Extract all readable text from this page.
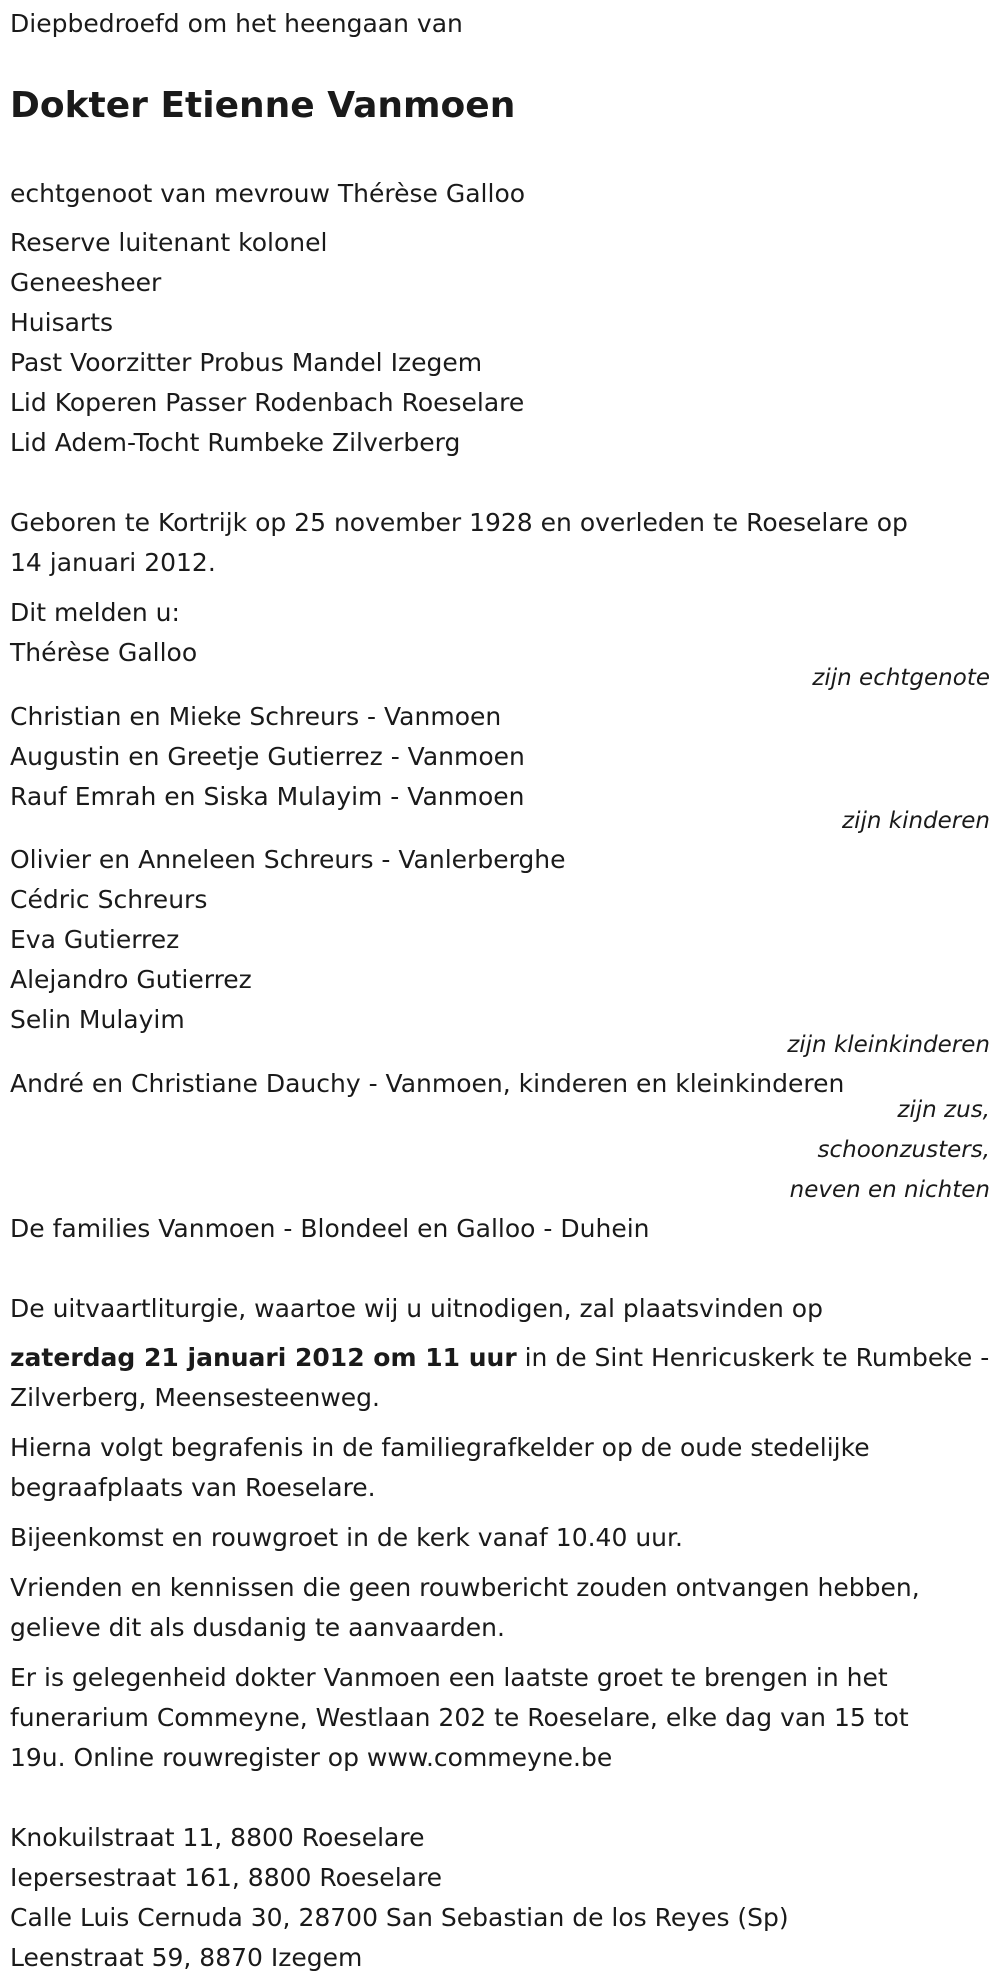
Diepbedroefd om het heengaan van
Dokter Etienne Vanmoen
echtgenoot van mevrouw Thérèse Galloo
Reserve luitenant kolonel
Geneesheer
Huisarts
Past Voorzitter Probus Mandel Izegem
Lid Koperen Passer Rodenbach Roeselare
Lid Adem-Tocht Rumbeke Zilverberg
Geboren te Kortrijk op 25 november 1928 en overleden te Roeselare op
14 januari 2012.
Dit melden u:
Thérèse Galloo
zijn echtgenote
Christian en Mieke Schreurs - Vanmoen
Augustin en Greetje Gutierrez - Vanmoen
Rauf Emrah en Siska Mulayim - Vanmoen
zijn kinderen
Olivier en Anneleen Schreurs - Vanlerberghe
Cédric Schreurs
Eva Gutierrez
Alejandro Gutierrez
Selin Mulayim
zijn kleinkinderen
André en Christiane Dauchy - Vanmoen, kinderen en kleinkinderen
zijn zus,
schoonzusters,
neven en nichten
De families Vanmoen - Blondeel en Galloo - Duhein
De uitvaartliturgie, waartoe wij u uitnodigen, zal plaatsvinden op
zaterdag 21 januari 2012 om 11 uur in de Sint Henricuskerk te Rumbeke -
Zilverberg, Meensesteenweg.
Hierna volgt begrafenis in de familiegrafkelder op de oude stedelijke
begraafplaats van Roeselare.
Bijeenkomst en rouwgroet in de kerk vanaf 10.40 uur.
Vrienden en kennissen die geen rouwbericht zouden ontvangen hebben,
gelieve dit als dusdanig te aanvaarden.
Er is gelegenheid dokter Vanmoen een laatste groet te brengen in het
funerarium Commeyne, Westlaan 202 te Roeselare, elke dag van 15 tot
19u. Online rouwregister op www.commeyne.be
Knokuilstraat 11, 8800 Roeselare
Iepersestraat 161, 8800 Roeselare
Calle Luis Cernuda 30, 28700 San Sebastian de los Reyes (Sp)
Leenstraat 59, 8870 Izegem
